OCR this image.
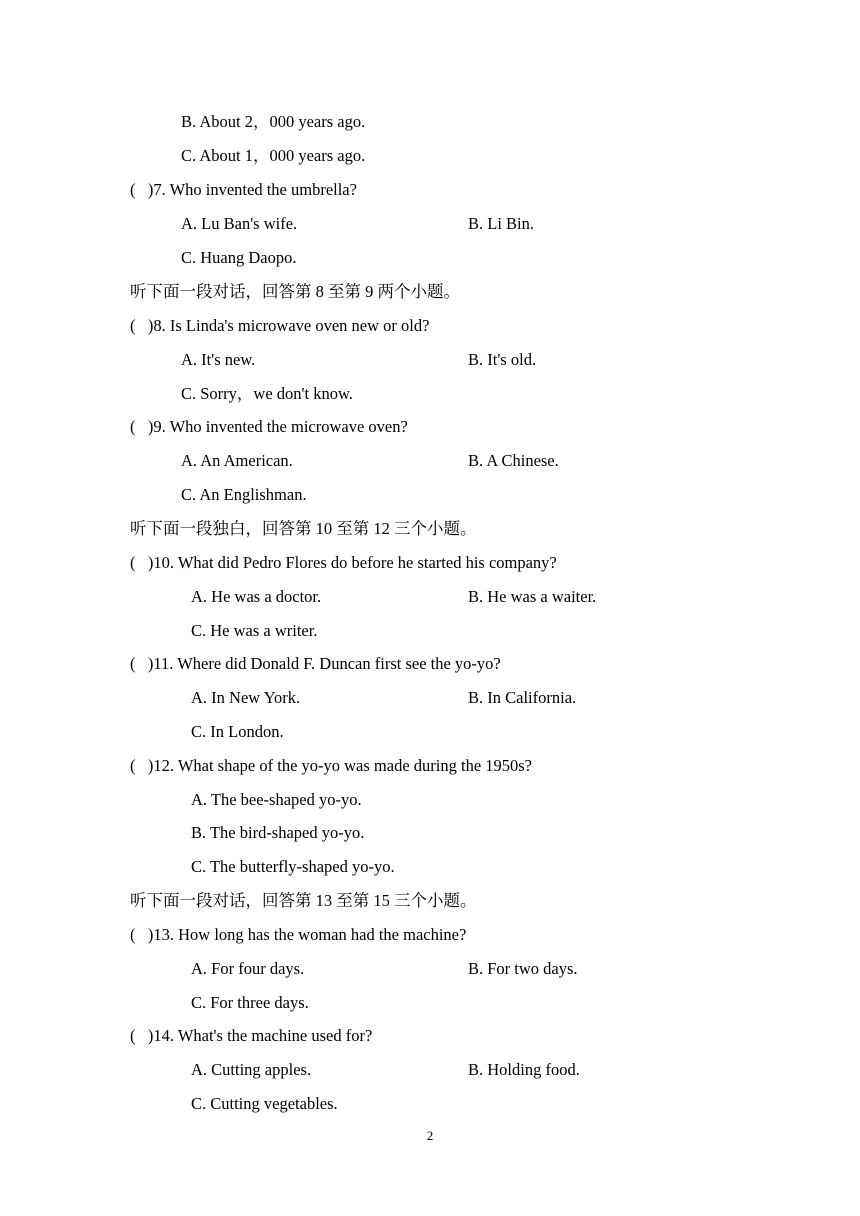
B. About 2，000 years ago.
C. About 1，000 years ago.
(   )7. Who invented the umbrella?
A. Lu Ban's wife.	B. Li Bin.
C. Huang Daopo.
听下面一段对话，回答第 8 至第 9 两个小题。
(   )8. Is Linda's microwave oven new or old?
A. It's new.	B. It's old.
C. Sorry，we don't know.
(   )9. Who invented the microwave oven?
A. An American.	B. A Chinese.
C. An Englishman.
听下面一段独白，回答第 10 至第 12 三个小题。
(   )10. What did Pedro Flores do before he started his company?
A. He was a doctor.	B. He was a waiter.
C. He was a writer.
(   )11. Where did Donald F. Duncan first see the yo-yo?
A. In New York.	B. In California.
C. In London.
(   )12. What shape of the yo-yo was made during the 1950s?
A. The bee-shaped yo-yo.
B. The bird-shaped yo-yo.
C. The butterfly-shaped yo-yo.
听下面一段对话，回答第 13 至第 15 三个小题。
(   )13. How long has the woman had the machine?
A. For four days.	B. For two days.
C. For three days.
(   )14. What's the machine used for?
A. Cutting apples.	B. Holding food.
C. Cutting vegetables.
2
